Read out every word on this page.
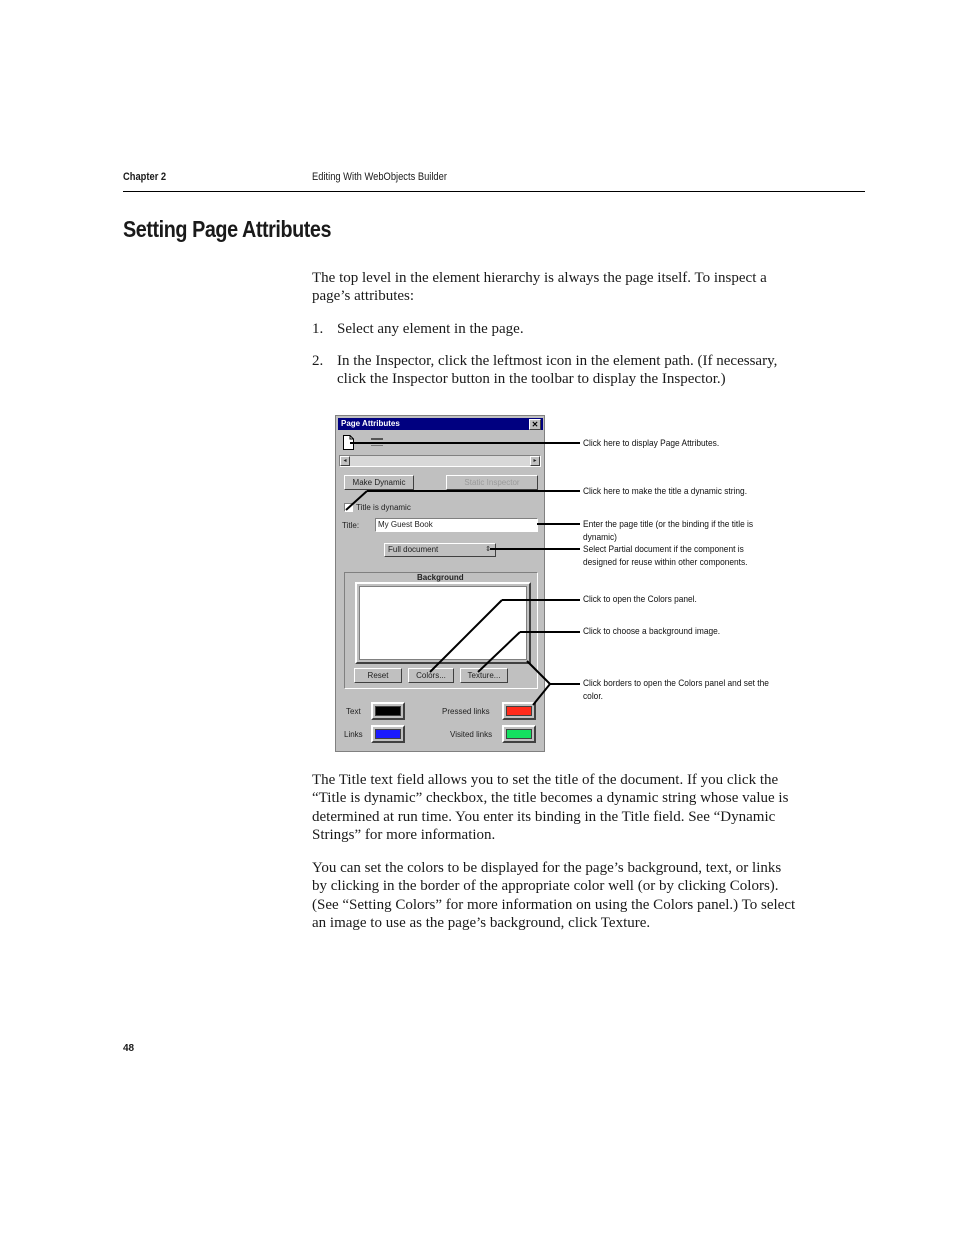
Chapter 2	Editing With WebObjects Builder
Setting Page Attributes
The top level in the element hierarchy is always the page itself. To inspect a page’s attributes:
1. Select any element in the page.
2. In the Inspector, click the leftmost icon in the element path. (If necessary, click the Inspector button in the toolbar to display the Inspector.)
Page Attributes	✕
◂	▸
Make Dynamic	Static Inspector
Title is dynamic
Title: My Guest Book
Full document	⇕
Background
Reset	Colors...	Texture...
Text	Pressed links
Links	Visited links
Click here to display Page Attributes.
Click here to make the title a dynamic string.
Enter the page title (or the binding if the title is
dynamic)
Select Partial document if the component is
designed for reuse within other components.
Click to open the Colors panel.
Click to choose a background image.
Click borders to open the Colors panel and set the
color.
The Title text field allows you to set the title of the document. If you click the “Title is dynamic” checkbox, the title becomes a dynamic string whose value is determined at run time. You enter its binding in the Title field. See “Dynamic Strings” for more information.
You can set the colors to be displayed for the page’s background, text, or links by clicking in the border of the appropriate color well (or by clicking Colors). (See “Setting Colors” for more information on using the Colors panel.) To select an image to use as the page’s background, click Texture.
48
